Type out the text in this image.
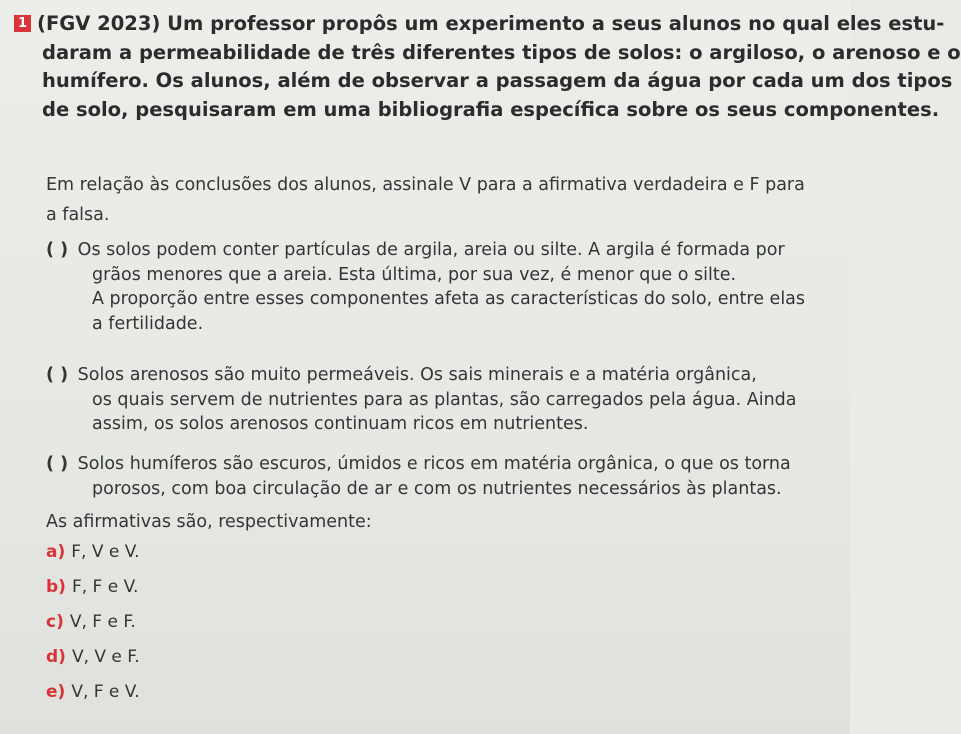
1 (FGV 2023) Um professor propôs um experimento a seus alunos no qual eles estu-
daram a permeabilidade de três diferentes tipos de solos: o argiloso, o arenoso e o
humífero. Os alunos, além de observar a passagem da água por cada um dos tipos
de solo, pesquisaram em uma bibliografia específica sobre os seus componentes.
Em relação às conclusões dos alunos, assinale V para a afirmativa verdadeira e F para
a falsa.
( ) Os solos podem conter partículas de argila, areia ou silte. A argila é formada por
grãos menores que a areia. Esta última, por sua vez, é menor que o silte.
A proporção entre esses componentes afeta as características do solo, entre elas
a fertilidade.
( ) Solos arenosos são muito permeáveis. Os sais minerais e a matéria orgânica,
os quais servem de nutrientes para as plantas, são carregados pela água. Ainda
assim, os solos arenosos continuam ricos em nutrientes.
( ) Solos humíferos são escuros, úmidos e ricos em matéria orgânica, o que os torna
porosos, com boa circulação de ar e com os nutrientes necessários às plantas.
As afirmativas são, respectivamente:
a) F, V e V.
b) F, F e V.
c) V, F e F.
d) V, V e F.
e) V, F e V.
